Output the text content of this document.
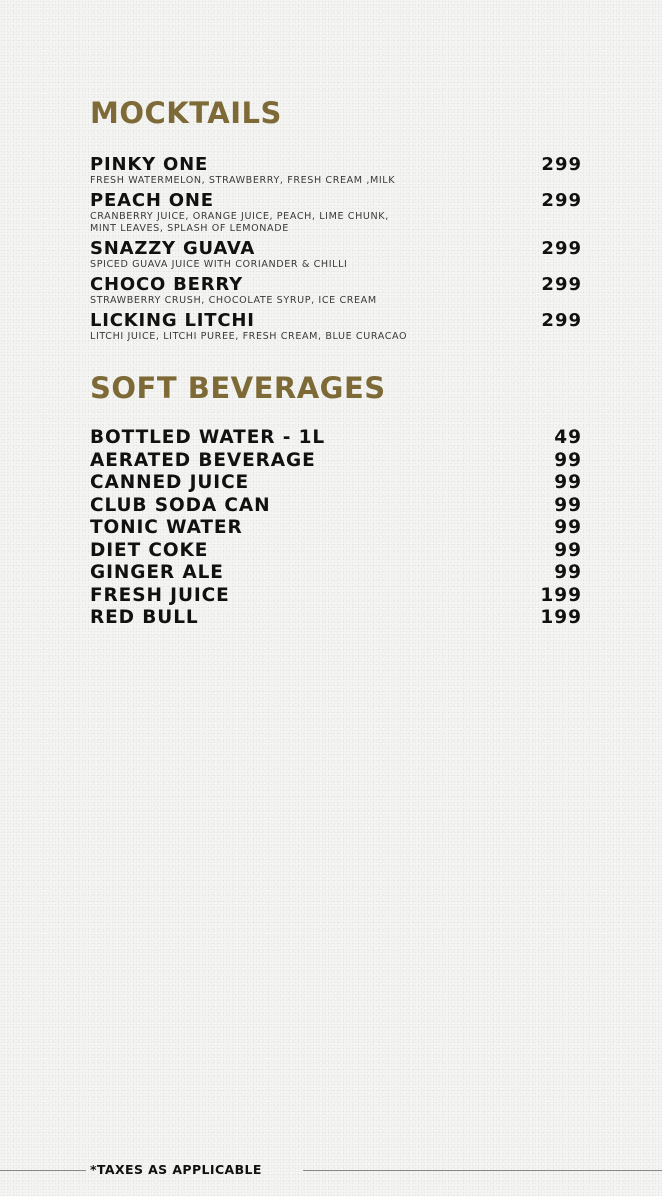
MOCKTAILS
PINKY ONE	299
FRESH WATERMELON, STRAWBERRY, FRESH CREAM ,MILK
PEACH ONE	299
CRANBERRY JUICE, ORANGE JUICE, PEACH, LIME CHUNK,
MINT LEAVES, SPLASH OF LEMONADE
SNAZZY GUAVA	299
SPICED GUAVA JUICE WITH CORIANDER & CHILLI
CHOCO BERRY	299
STRAWBERRY CRUSH, CHOCOLATE SYRUP, ICE CREAM
LICKING LITCHI	299
LITCHI JUICE, LITCHI PUREE, FRESH CREAM, BLUE CURACAO
SOFT BEVERAGES
BOTTLED WATER - 1L	49
AERATED BEVERAGE	99
CANNED JUICE	99
CLUB SODA CAN	99
TONIC WATER	99
DIET COKE	99
GINGER ALE	99
FRESH JUICE	199
RED BULL	199
*TAXES AS APPLICABLE
